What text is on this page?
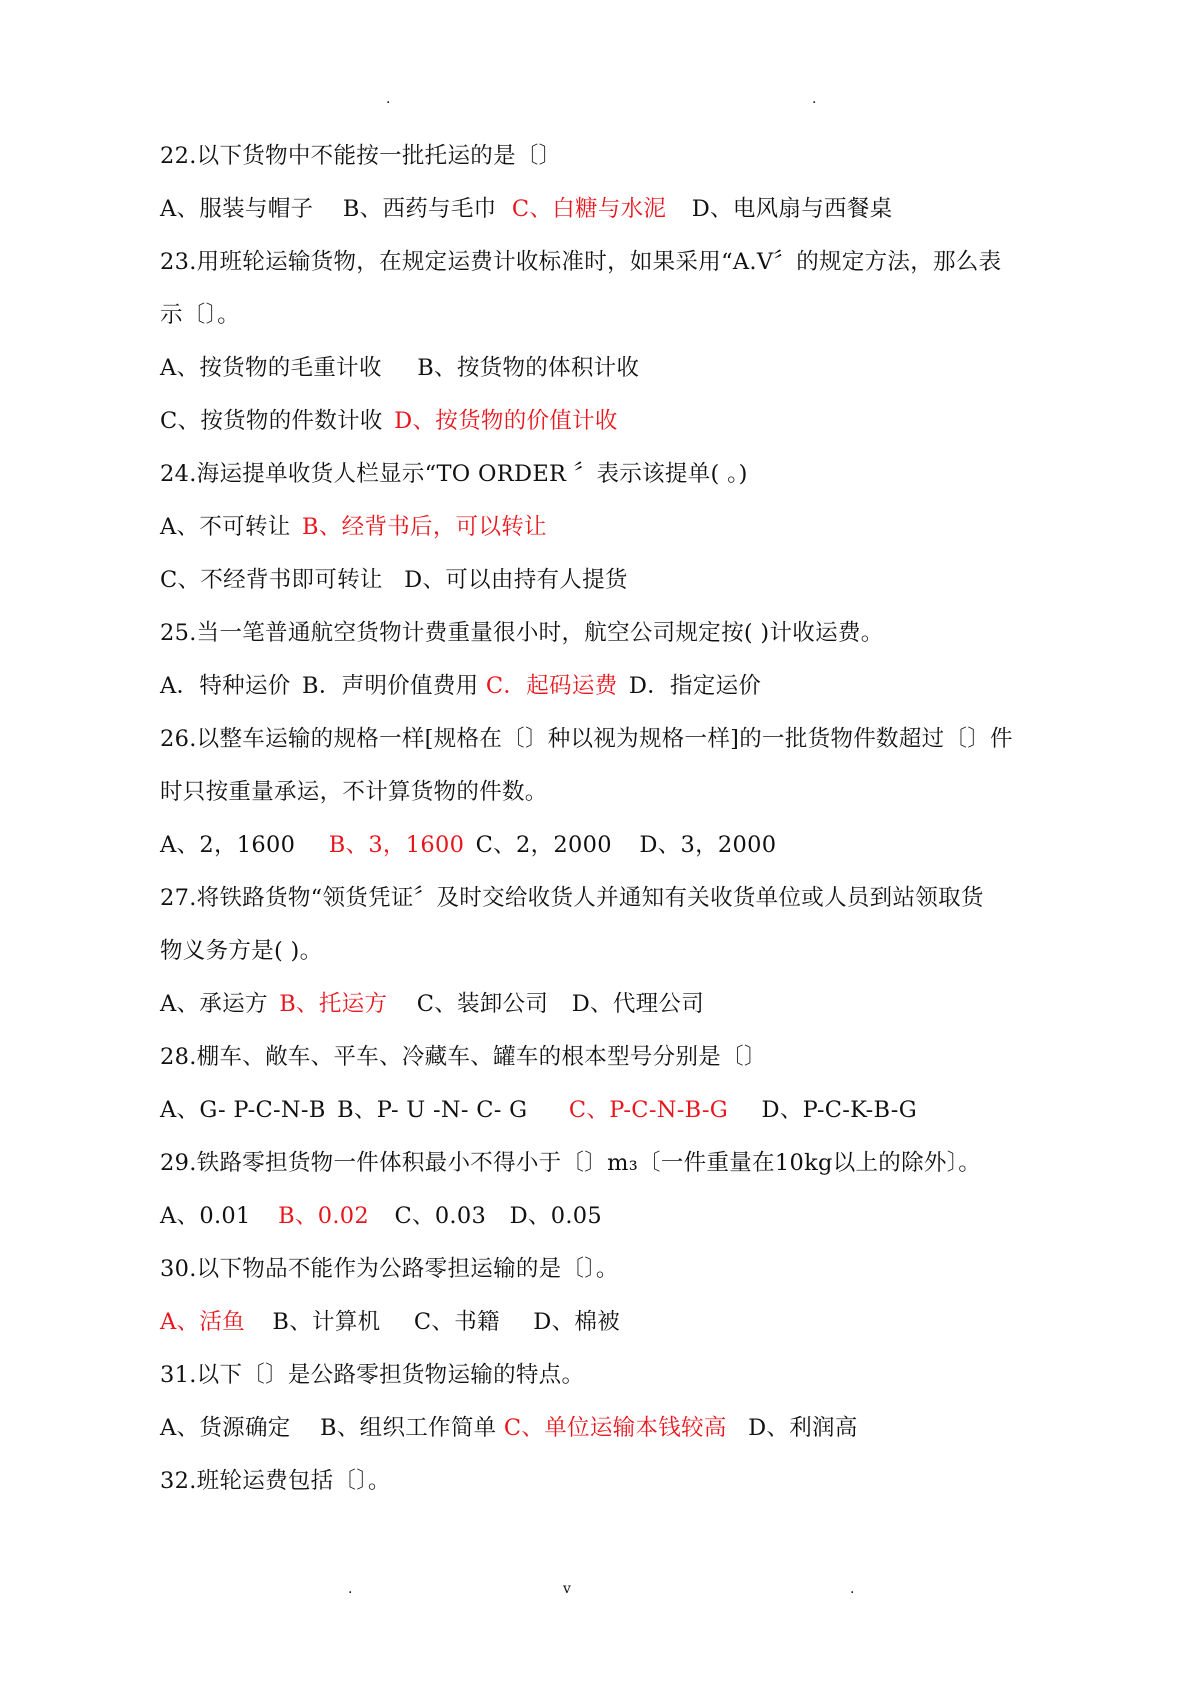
.	.
22.以下货物中不能按一批托运的是〔〕
A、服装与帽子 B、西药与毛巾 C、白糖与水泥 D、电风扇与西餐桌
23.用班轮运输货物，在规定运费计收标准时，如果采用“A.V〞的规定方法，那么表
示〔〕。
A、按货物的毛重计收 B、按货物的体积计收
C、按货物的件数计收 D、按货物的价值计收
24.海运提单收货人栏显示“TO ORDER 〞表示该提单( 。)
A、不可转让 B、经背书后，可以转让
C、不经背书即可转让 D、可以由持有人提货
25.当一笔普通航空货物计费重量很小时，航空公司规定按( )计收运费。
A．特种运价 B．声明价值费用 C．起码运费 D．指定运价
26.以整车运输的规格一样[规格在〔〕种以视为规格一样]的一批货物件数超过〔〕件
时只按重量承运，不计算货物的件数。
A、2，1600 B、3，1600 C、2，2000 D、3，2000
27.将铁路货物“领货凭证〞及时交给收货人并通知有关收货单位或人员到站领取货
物义务方是( )。
A、承运方 B、托运方 C、装卸公司 D、代理公司
28.棚车、敞车、平车、冷藏车、罐车的根本型号分别是〔〕
A、G- P-C-N-B B、P- U -N- C- G C、P-C-N-B-G D、P-C-K-B-G
29.铁路零担货物一件体积最小不得小于〔〕m₃〔一件重量在10kg以上的除外〕。
A、0.01 B、0.02 C、0.03 D、0.05
30.以下物品不能作为公路零担运输的是〔〕。
A、活鱼 B、计算机 C、书籍 D、棉被
31.以下〔〕是公路零担货物运输的特点。
A、货源确定 B、组织工作简单 C、单位运输本钱较高 D、利润高
32.班轮运费包括〔〕。
.	v	.
